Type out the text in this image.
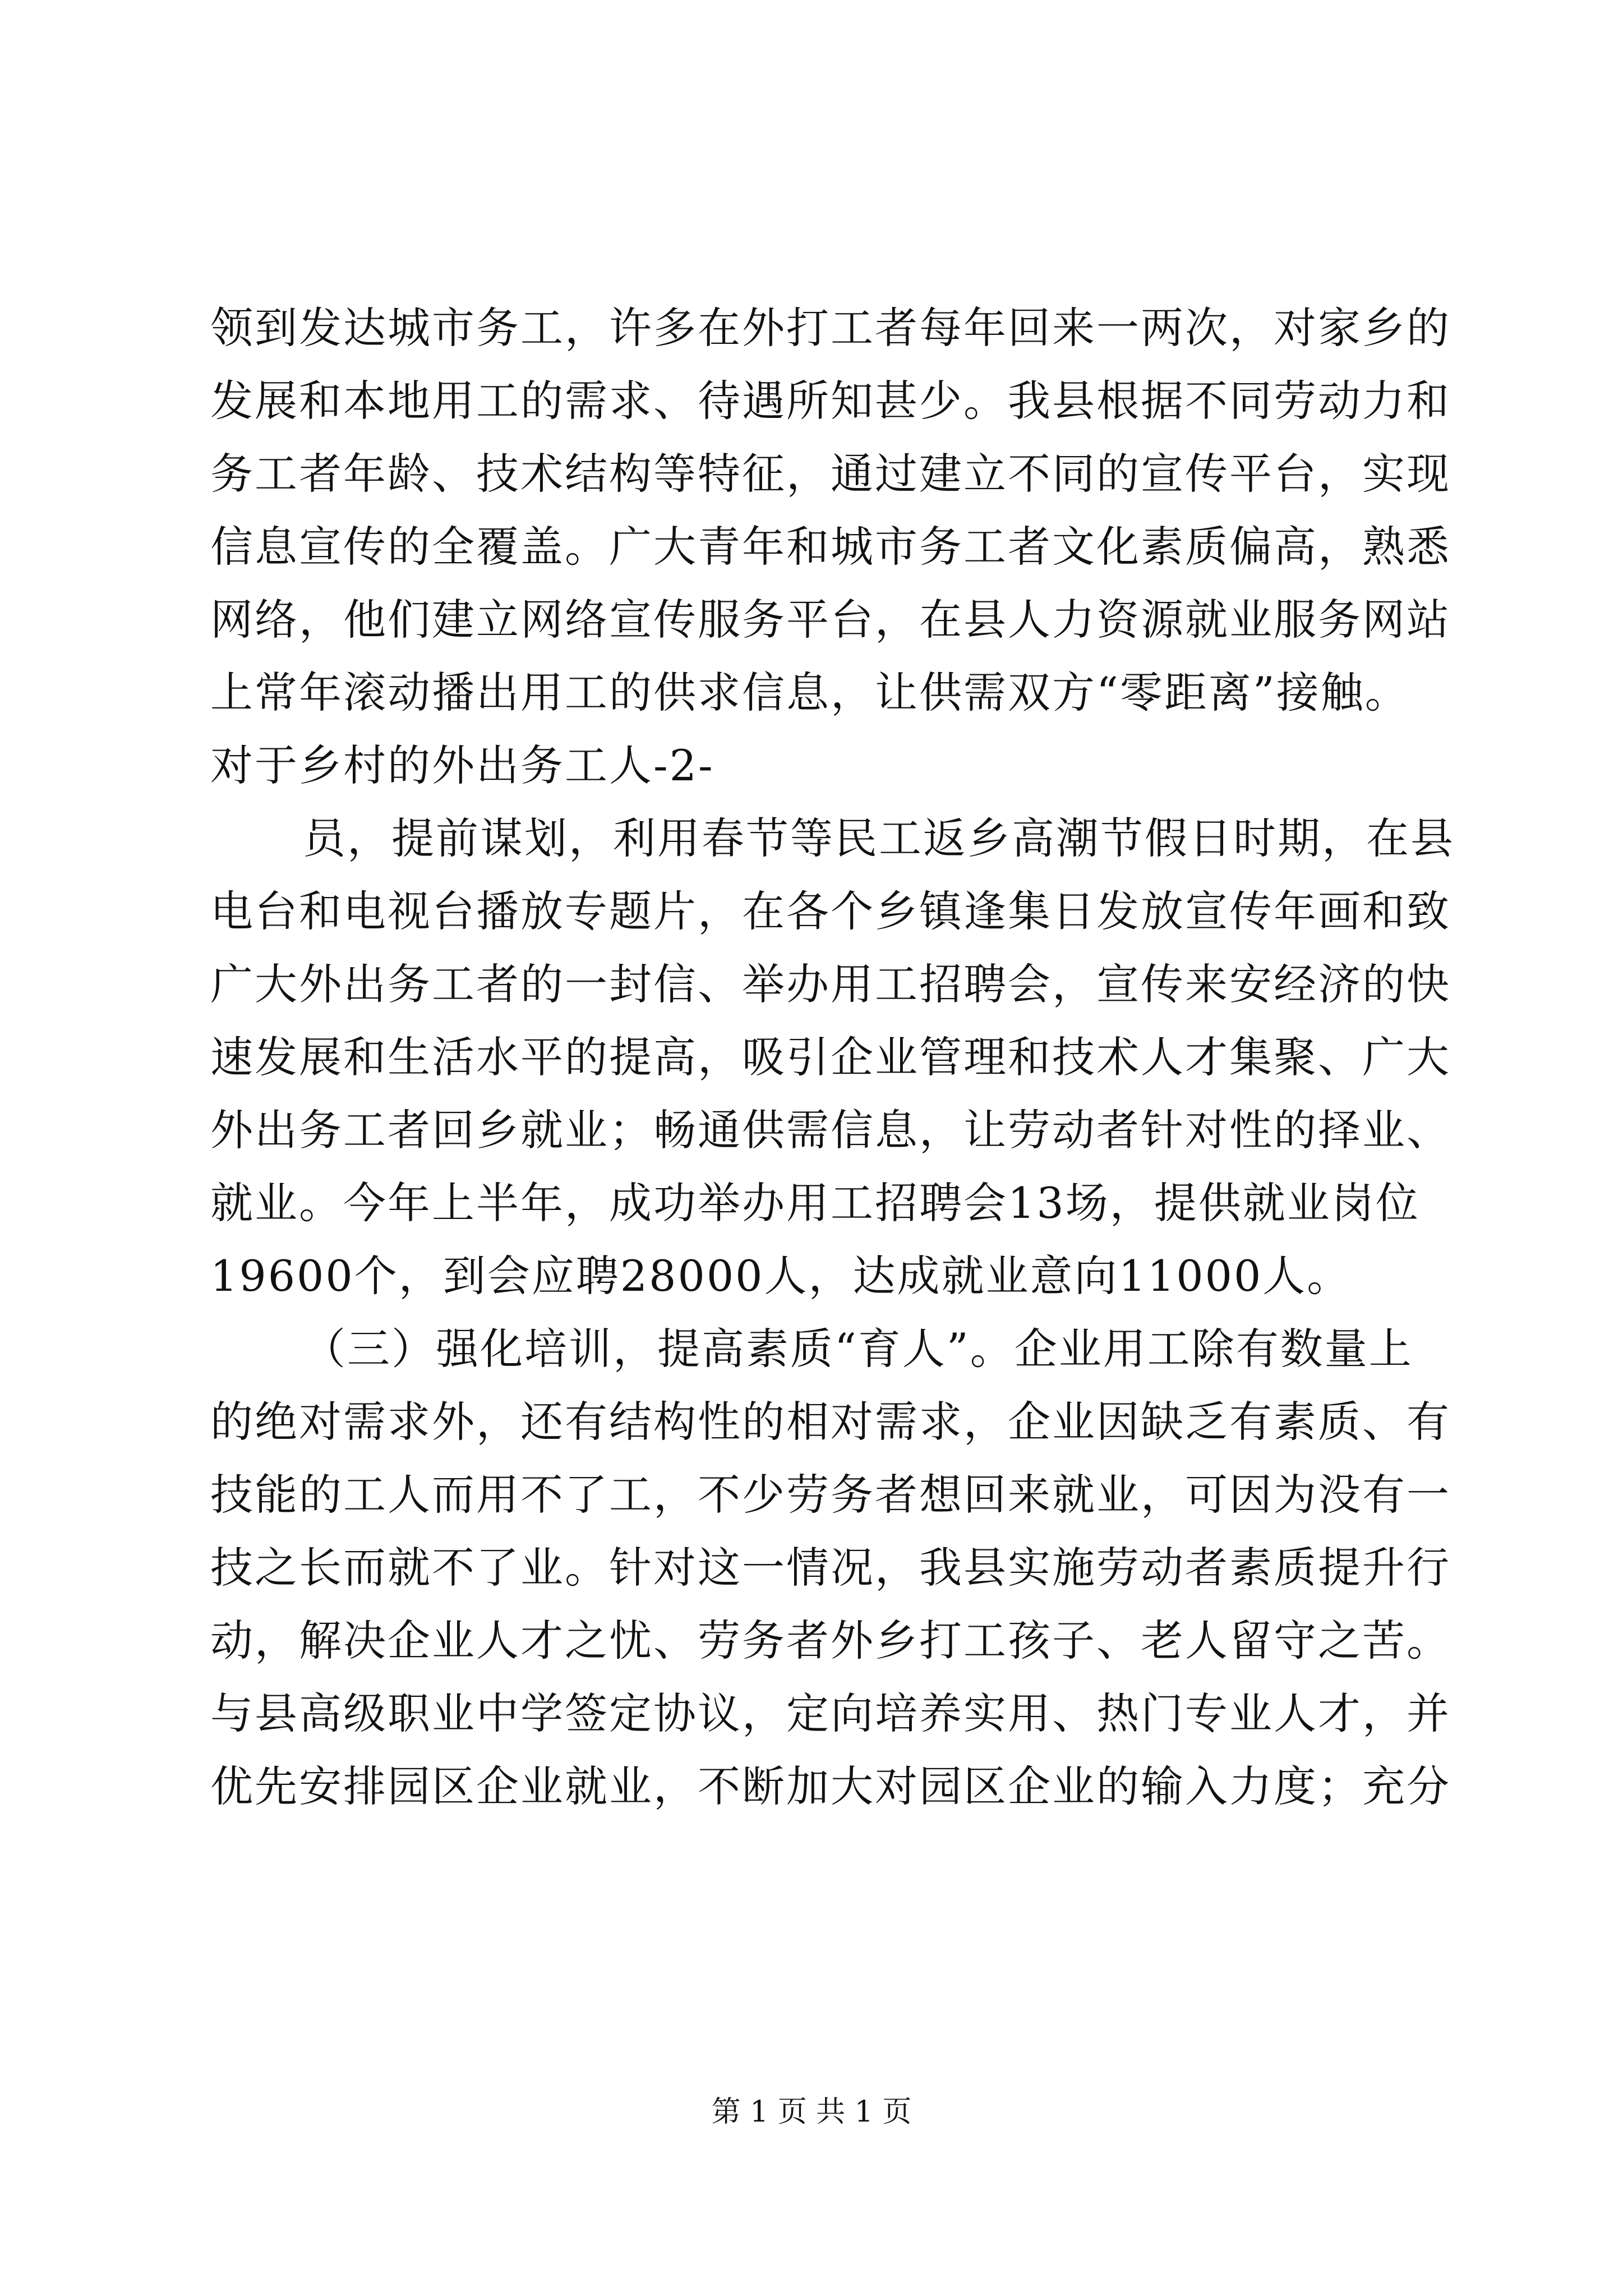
领到发达城市务工，许多在外打工者每年回来一两次，对家乡的
发展和本地用工的需求、待遇所知甚少。我县根据不同劳动力和
务工者年龄、技术结构等特征，通过建立不同的宣传平台，实现
信息宣传的全覆盖。广大青年和城市务工者文化素质偏高，熟悉
网络，他们建立网络宣传服务平台，在县人力资源就业服务网站
上常年滚动播出用工的供求信息，让供需双方“零距离”接触。
对于乡村的外出务工人-2-
员，提前谋划，利用春节等民工返乡高潮节假日时期，在县
电台和电视台播放专题片，在各个乡镇逢集日发放宣传年画和致
广大外出务工者的一封信、举办用工招聘会，宣传来安经济的快
速发展和生活水平的提高，吸引企业管理和技术人才集聚、广大
外出务工者回乡就业；畅通供需信息，让劳动者针对性的择业、
就业。今年上半年，成功举办用工招聘会13场，提供就业岗位
19600个，到会应聘28000人，达成就业意向11000人。
（三）强化培训，提高素质“育人”。企业用工除有数量上
的绝对需求外，还有结构性的相对需求，企业因缺乏有素质、有
技能的工人而用不了工，不少劳务者想回来就业，可因为没有一
技之长而就不了业。针对这一情况，我县实施劳动者素质提升行
动，解决企业人才之忧、劳务者外乡打工孩子、老人留守之苦。
与县高级职业中学签定协议，定向培养实用、热门专业人才，并
优先安排园区企业就业，不断加大对园区企业的输入力度；充分
第 1 页 共 1 页
